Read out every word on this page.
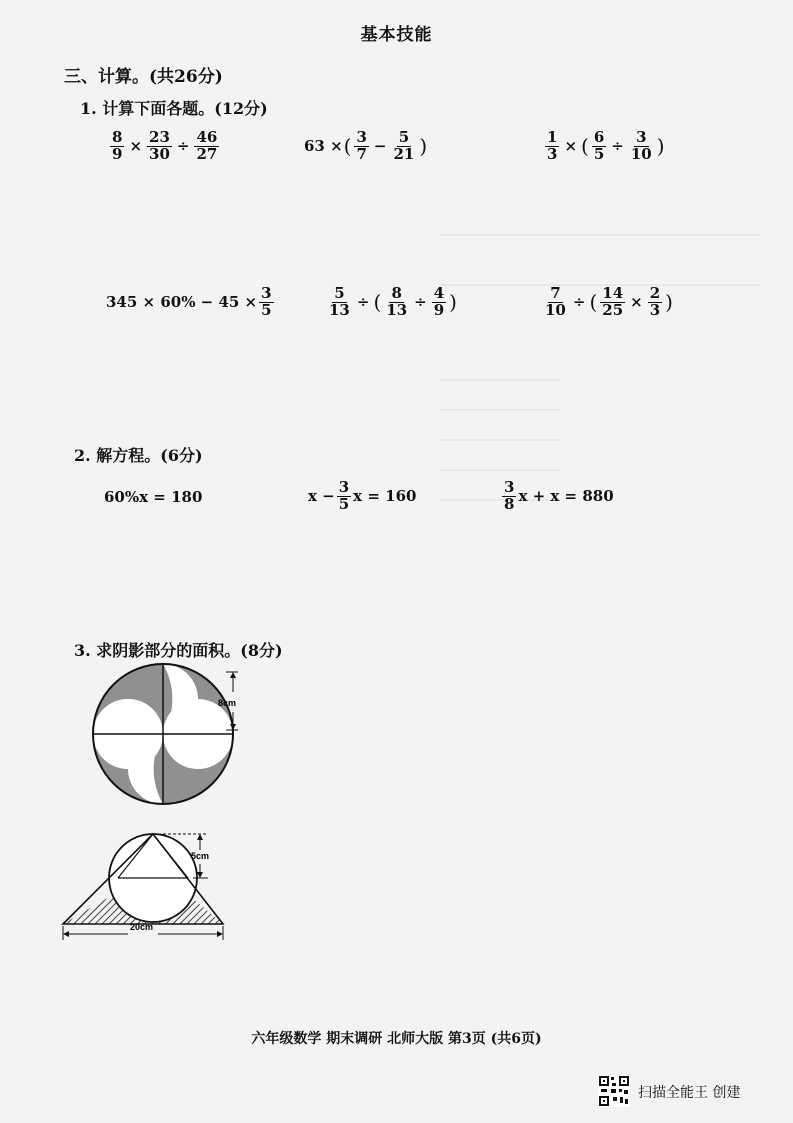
基本技能
三、计算。(共26分)
1. 计算下面各题。(12分)
$\frac{8}{9} \times \frac{23}{30} \div \frac{46}{27}$	63 × ( $\frac{3}{7} - \frac{5}{21}$ )	$\frac{1}{3}$ × ( $\frac{6}{5} \div \frac{3}{10}$ )
$345 \times 60\% - 45 \times \frac{3}{5}$	$\frac{5}{13}$ ÷ ( $\frac{8}{13} \div \frac{4}{9}$ )	$\frac{7}{10}$ ÷ ( $\frac{14}{25} \times \frac{2}{3}$ )
2. 解方程。(6分)
60%x = 180	$x - \frac{3}{5}$ x = 160	$\frac{3}{8}$ x + x = 880
3. 求阴影部分的面积。(8分)
8cm
5cm
20cm
六年级数学 期末调研 北师大版 第3页 (共6页)
扫描全能王 创建
